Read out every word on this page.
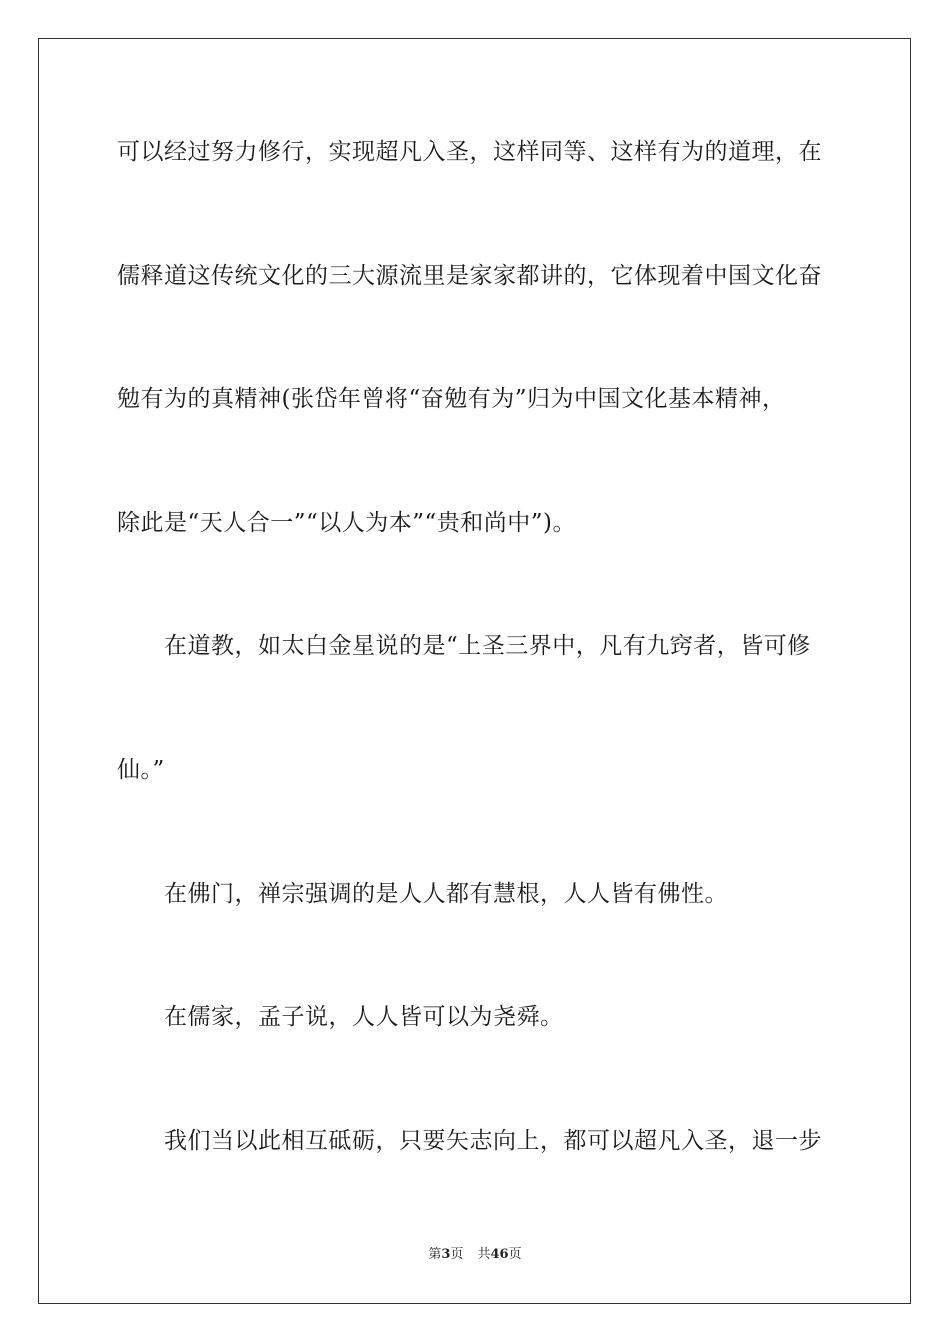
可以经过努力修行，实现超凡入圣，这样同等、这样有为的道理，在
儒释道这传统文化的三大源流里是家家都讲的，它体现着中国文化奋
勉有为的真精神(张岱年曾将“奋勉有为”归为中国文化基本精神，
除此是“天人合一”“以人为本”“贵和尚中”)。
在道教，如太白金星说的是“上圣三界中，凡有九窍者，皆可修
仙。”
在佛门，禅宗强调的是人人都有慧根，人人皆有佛性。
在儒家，孟子说，人人皆可以为尧舜。
我们当以此相互砥砺，只要矢志向上，都可以超凡入圣，退一步
第3页 共46页
